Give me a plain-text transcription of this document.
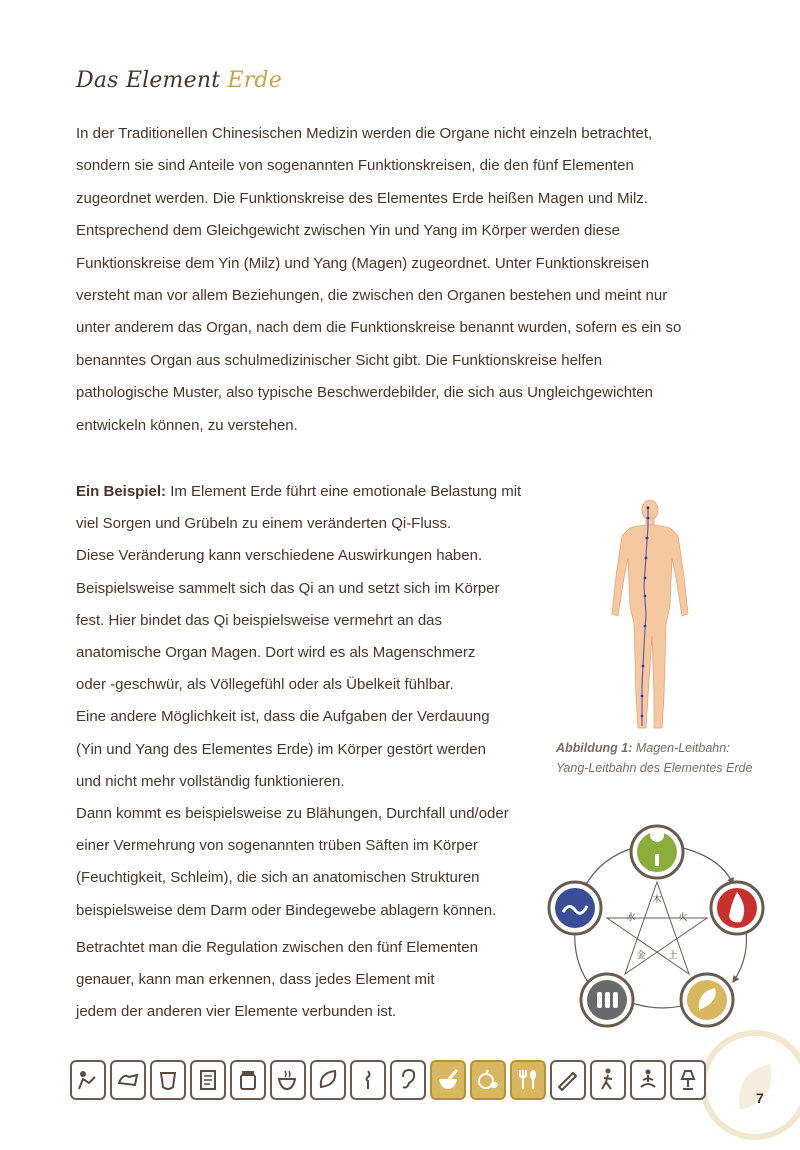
Das Element Erde
In der Traditionellen Chinesischen Medizin werden die Organe nicht einzeln betrachtet,
sondern sie sind Anteile von sogenannten Funktionskreisen, die den fünf Elementen
zugeordnet werden. Die Funktionskreise des Elementes Erde heißen Magen und Milz.
Entsprechend dem Gleichgewicht zwischen Yin und Yang im Körper werden diese
Funktionskreise dem Yin (Milz) und Yang (Magen) zugeordnet. Unter Funktionskreisen
versteht man vor allem Beziehungen, die zwischen den Organen bestehen und meint nur
unter anderem das Organ, nach dem die Funktionskreise benannt wurden, sofern es ein so
benanntes Organ aus schulmedizinischer Sicht gibt. Die Funktionskreise helfen
pathologische Muster, also typische Beschwerdebilder, die sich aus Ungleichgewichten
entwickeln können, zu verstehen.
Ein Beispiel: Im Element Erde führt eine emotionale Belastung mit
viel Sorgen und Grübeln zu einem veränderten Qi-Fluss.
Diese Veränderung kann verschiedene Auswirkungen haben.
Beispielsweise sammelt sich das Qi an und setzt sich im Körper
fest. Hier bindet das Qi beispielsweise vermehrt an das
anatomische Organ Magen. Dort wird es als Magenschmerz
oder -geschwür, als Völlegefühl oder als Übelkeit fühlbar.
Eine andere Möglichkeit ist, dass die Aufgaben der Verdauung
(Yin und Yang des Elementes Erde) im Körper gestört werden
und nicht mehr vollständig funktionieren.
Dann kommt es beispielsweise zu Blähungen, Durchfall und/oder
einer Vermehrung von sogenannten trüben Säften im Körper
(Feuchtigkeit, Schleim), die sich an anatomischen Strukturen
beispielsweise dem Darm oder Bindegewebe ablagern können.
Betrachtet man die Regulation zwischen den fünf Elementen
genauer, kann man erkennen, dass jedes Element mit
jedem der anderen vier Elemente verbunden ist.
Abbildung 1: Magen-Leitbahn:
Yang-Leitbahn des Elementes Erde
木
火
土
金
水
7
